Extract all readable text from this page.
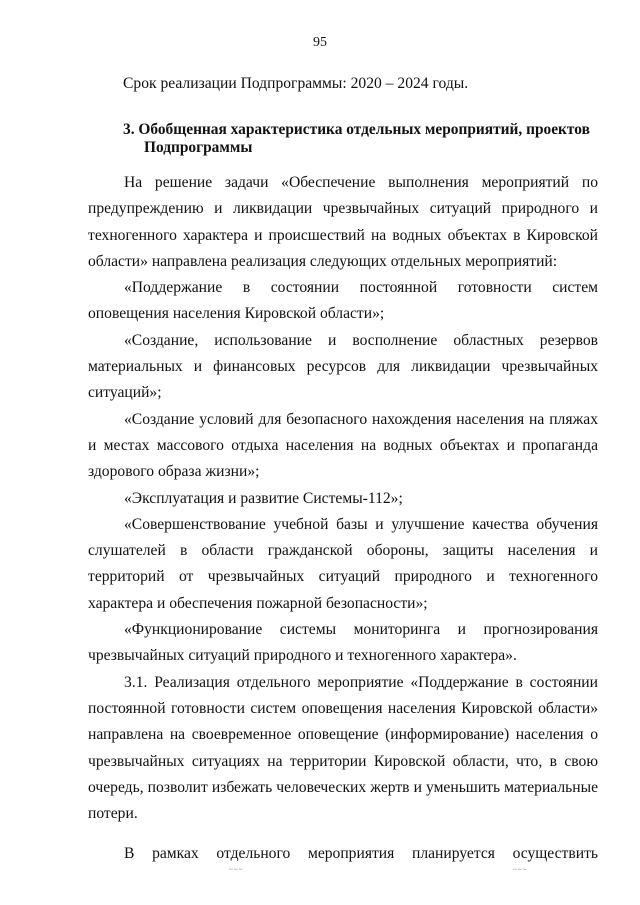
95
Срок реализации Подпрограммы: 2020 – 2024 годы.
3. Обобщенная характеристика отдельных мероприятий, проектов
Подпрограммы

На решение задачи «Обеспечение выполнения мероприятий по предупреждению и ликвидации чрезвычайных ситуаций природного и техногенного характера и происшествий на водных объектах в Кировской области» направлена реализация следующих отдельных мероприятий:

«Поддержание в состоянии постоянной готовности систем оповещения населения Кировской области»;

«Создание, использование и восполнение областных резервов материальных и финансовых ресурсов для ликвидации чрезвычайных ситуаций»;

«Создание условий для безопасного нахождения населения на пляжах и местах массового отдыха населения на водных объектах и пропаганда здорового образа жизни»;

«Эксплуатация и развитие Системы-112»;

«Совершенствование учебной базы и улучшение качества обучения слушателей в области гражданской обороны, защиты населения и территорий от чрезвычайных ситуаций природного и техногенного характера и обеспечения пожарной безопасности»;

«Функционирование системы мониторинга и прогнозирования чрезвычайных ситуаций природного и техногенного характера».

3.1. Реализация отдельного мероприятие «Поддержание в состоянии постоянной готовности систем оповещения населения Кировской области» направлена на своевременное оповещение (информирование) населения о чрезвычайных ситуациях на территории Кировской области, что, в свою очередь, позволит избежать человеческих жертв и уменьшить материальные потери.

В рамках отдельного мероприятия планируется осуществить

~~~	~~~
